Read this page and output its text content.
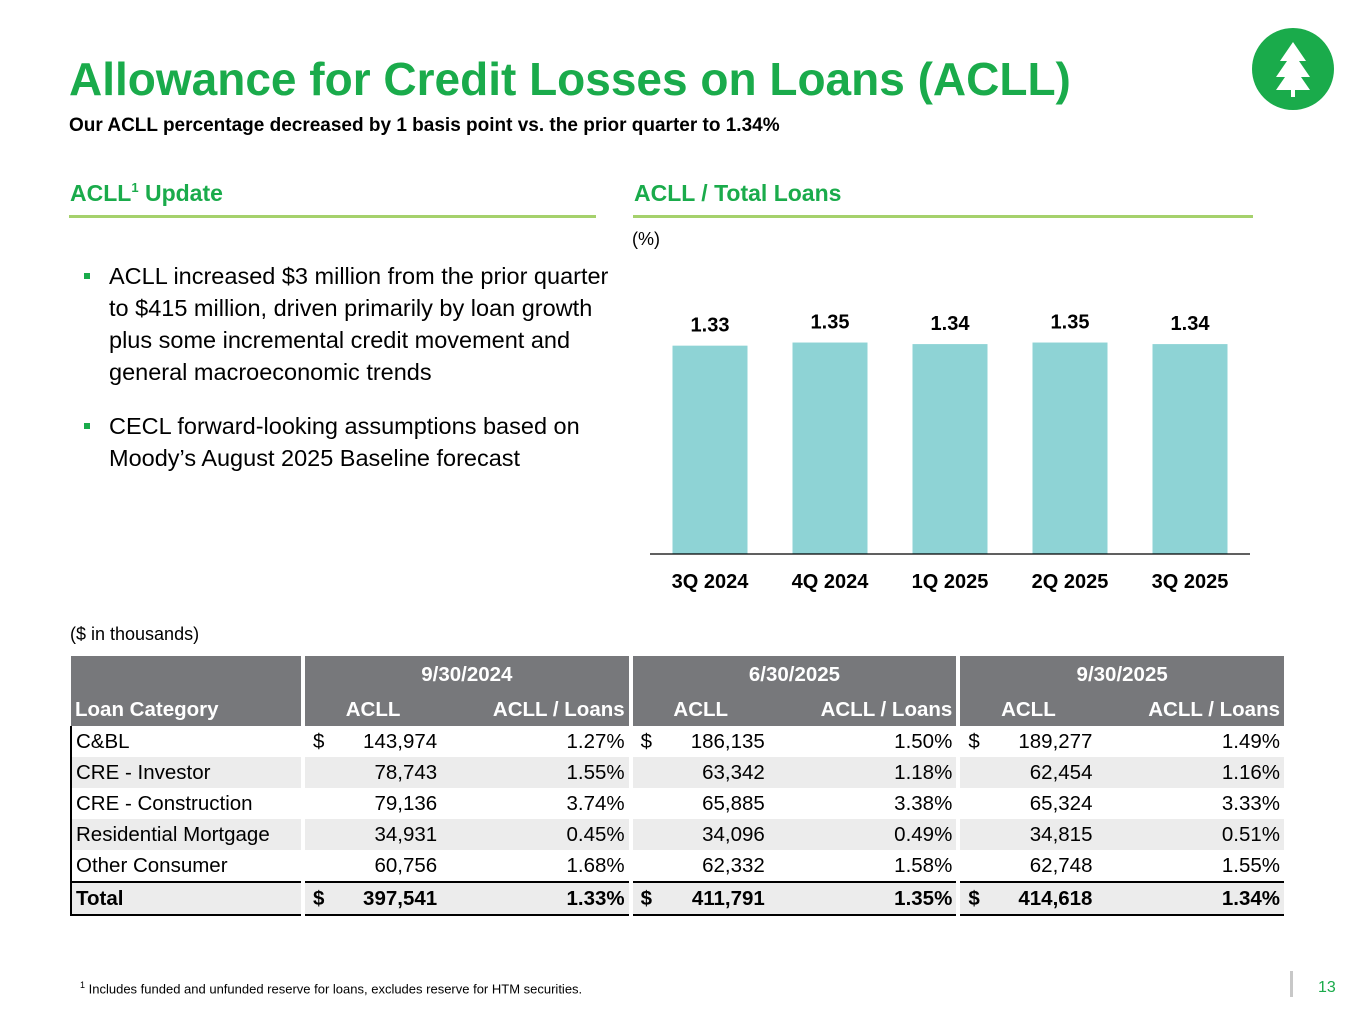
Allowance for Credit Losses on Loans (ACLL)
Our ACLL percentage decreased by 1 basis point vs. the prior quarter to 1.34%
ACLL$^1$ Update
ACLL increased $3 million from the prior quarter to $415 million, driven primarily by loan growth plus some incremental credit movement and general macroeconomic trends
CECL forward-looking assumptions based on Moody’s August 2025 Baseline forecast
ACLL / Total Loans
(%)
1.33
3Q 2024
1.35
4Q 2024
1.34
1Q 2025
1.35
2Q 2025
1.34
3Q 2025
($ in thousands)
		9/30/2024				6/30/2025				9/30/2025		
Loan Category		ACLL		ACLL / Loans		ACLL		ACLL / Loans		ACLL		ACLL / Loans
C&BL		$	143,974	1.27%		$	186,135	1.50%		$	189,277	1.49%
CRE - Investor			78,743	1.55%			63,342	1.18%			62,454	1.16%
CRE - Construction			79,136	3.74%			65,885	3.38%			65,324	3.33%
Residential Mortgage			34,931	0.45%			34,096	0.49%			34,815	0.51%
Other Consumer			60,756	1.68%			62,332	1.58%			62,748	1.55%
Total		$	397,541	1.33%		$	411,791	1.35%		$	414,618	1.34%
$^1$ Includes funded and unfunded reserve for loans, excludes reserve for HTM securities.	13
